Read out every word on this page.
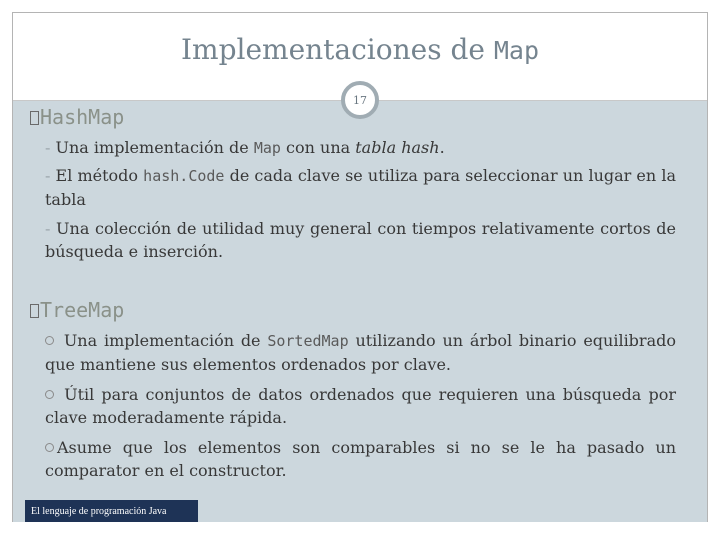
Implementaciones de Map
17
HashMap
- Una implementación de Map con una tabla hash.
- El método hash.Code de cada clave se utiliza para seleccionar un lugar en la tabla
- Una colección de utilidad muy general con tiempos relativamente cortos de búsqueda e inserción.
TreeMap
Una implementación de SortedMap utilizando un árbol binario equilibrado que mantiene sus elementos ordenados por clave.
Útil para conjuntos de datos ordenados que requieren una búsqueda por clave moderadamente rápida.
Asume que los elementos son comparables si no se le ha pasado un comparator en el constructor.
El lenguaje de programación Java
